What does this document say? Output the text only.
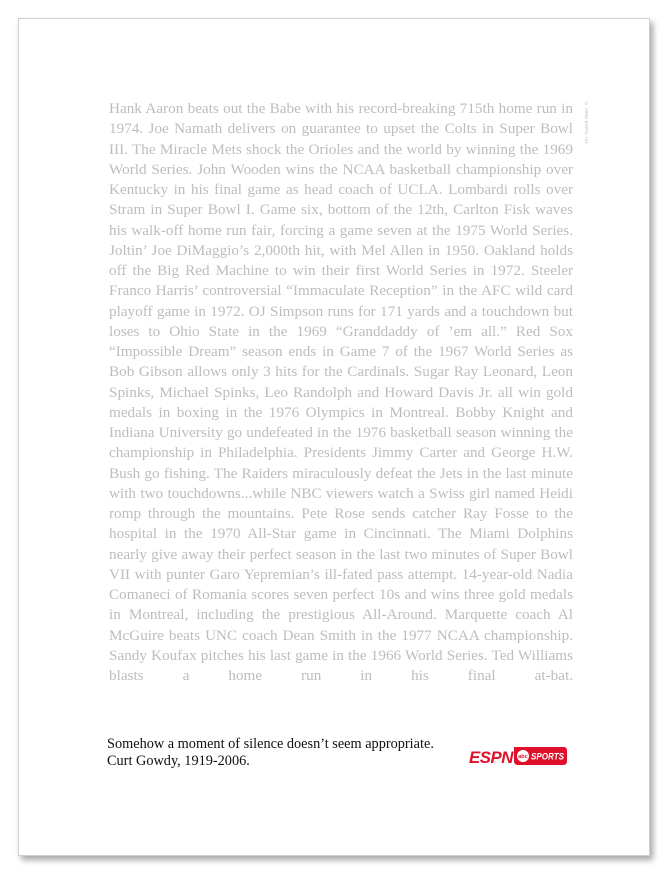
Hank Aaron beats out the Babe with his record-breaking 715th home run in 1974. Joe Namath delivers on guarantee to upset the Colts in Super Bowl III. The Miracle Mets shock the Orioles and the world by winning the 1969 World Series. John Wooden wins the NCAA basketball championship over Kentucky in his final game as head coach of UCLA. Lombardi rolls over Stram in Super Bowl I. Game six, bottom of the 12th, Carlton Fisk waves his walk-off home run fair, forcing a game seven at the 1975 World Series. Joltin’ Joe DiMaggio’s 2,000th hit, with Mel Allen in 1950. Oakland holds off the Big Red Machine to win their first World Series in 1972. Steeler Franco Harris’ controversial “Immaculate Reception” in the AFC wild card playoff game in 1972. OJ Simpson runs for 171 yards and a touchdown but loses to Ohio State in the 1969 “Granddaddy of ’em all.” Red Sox “Impossible Dream” season ends in Game 7 of the 1967 World Series as Bob Gibson allows only 3 hits for the Cardinals. Sugar Ray Leonard, Leon Spinks, Michael Spinks, Leo Randolph and Howard Davis Jr. all win gold medals in boxing in the 1976 Olympics in Montreal. Bobby Knight and Indiana University go undefeated in the 1976 basketball season winning the championship in Philadelphia. Presidents Jimmy Carter and George H.W. Bush go fishing. The Raiders miraculously defeat the Jets in the last minute with two touchdowns...while NBC viewers watch a Swiss girl named Heidi romp through the mountains. Pete Rose sends catcher Ray Fosse to the hospital in the 1970 All-Star game in Cincinnati. The Miami Dolphins nearly give away their perfect season in the last two minutes of Super Bowl VII with punter Garo Yepremian’s ill-fated pass attempt. 14-year-old Nadia Comaneci of Romania scores seven perfect 10s and wins three gold medals in Montreal, including the prestigious All-Around. Marquette coach Al McGuire beats UNC coach Dean Smith in the 1977 NCAA championship. Sandy Koufax pitches his last game in the 1966 World Series. Ted Williams blasts a home run in his final at-bat.

© 2006 ESPN, Inc.
Somehow a moment of silence doesn’t seem appropriate.
Curt Gowdy, 1919-2006.	ESPN abc SPORTS
